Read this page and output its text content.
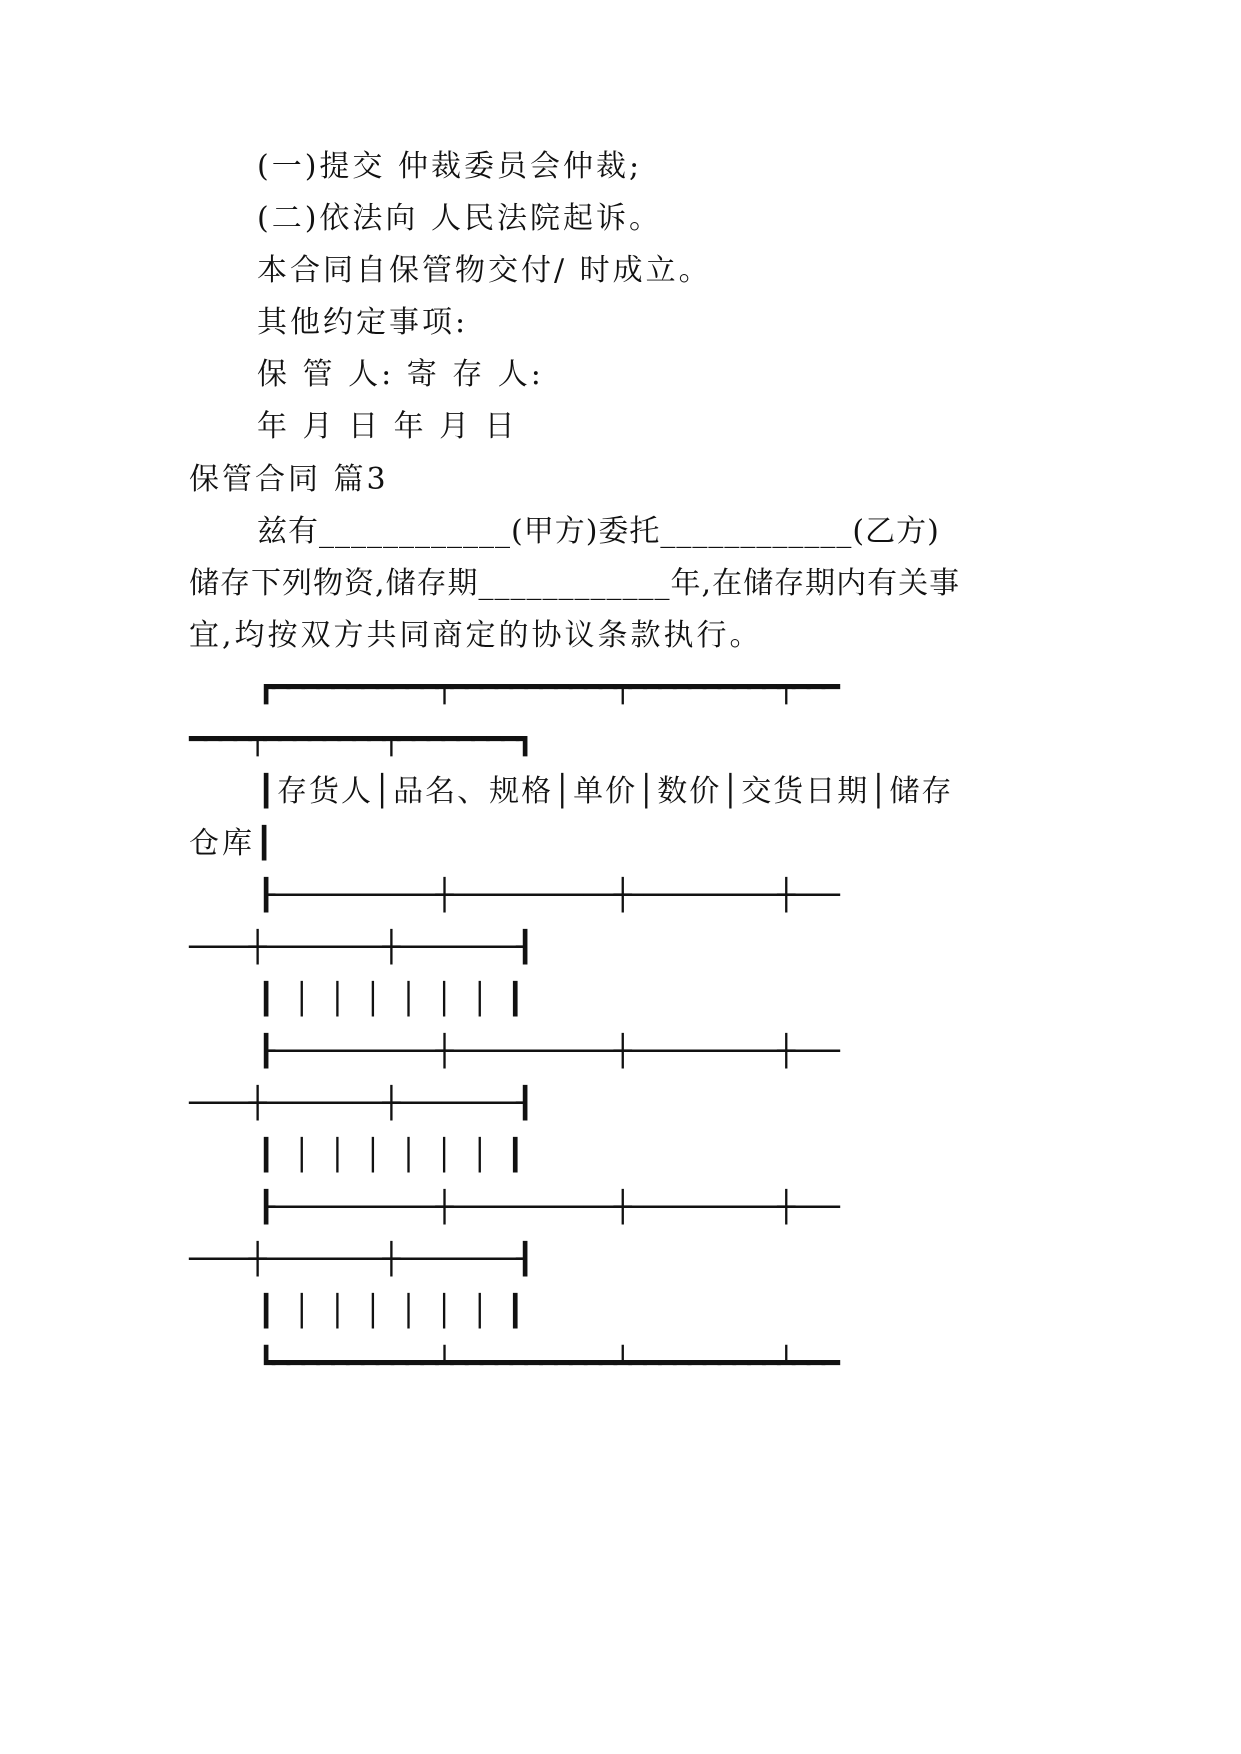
(一)提交 仲裁委员会仲裁;
(二)依法向 人民法院起诉。
本合同自保管物交付/ 时成立。
其他约定事项:
保 管 人: 寄 存 人:
年 月 日 年 月 日
保管合同 篇3
兹有____________(甲方)委托____________(乙方)
储存下列物资,储存期____________年,在储存期内有关事
宜,均按双方共同商定的协议条款执行。
┏━━━━━━━━━━━┯━━━━━━━━━━━┯━━━━━━━━━━┯━━━
━━━━┯━━━━━━━━┯━━━━━━━━┓
┃存货人│品名、规格│单价│数价│交货日期│储存
仓库┃
┠───────────┼───────────┼──────────┼───
────┼────────┼────────┨
┃ │ │ │ │ │ │ ┃
┠───────────┼───────────┼──────────┼───
────┼────────┼────────┨
┃ │ │ │ │ │ │ ┃
┠───────────┼───────────┼──────────┼───
────┼────────┼────────┨
┃ │ │ │ │ │ │ ┃
┗━━━━━━━━━━━┷━━━━━━━━━━━┷━━━━━━━━━━┷━━━
